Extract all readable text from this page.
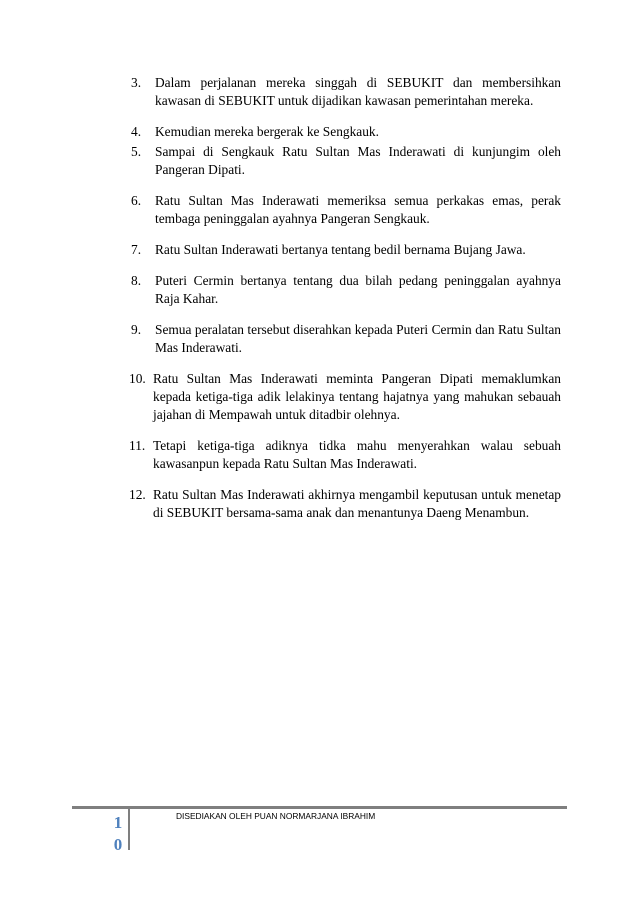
3.	Dalam perjalanan mereka singgah di SEBUKIT dan membersihkan kawasan di SEBUKIT untuk dijadikan kawasan pemerintahan mereka.
4.	Kemudian mereka bergerak ke Sengkauk.
5.	Sampai di Sengkauk Ratu Sultan Mas Inderawati di kunjungim oleh Pangeran Dipati.
6.	Ratu Sultan Mas Inderawati memeriksa semua perkakas emas, perak tembaga peninggalan ayahnya Pangeran Sengkauk.
7.	Ratu Sultan Inderawati bertanya tentang bedil bernama Bujang Jawa.
8.	Puteri Cermin bertanya tentang dua bilah pedang peninggalan ayahnya Raja Kahar.
9.	Semua peralatan tersebut diserahkan kepada Puteri Cermin dan Ratu Sultan Mas Inderawati.
10. Ratu Sultan Mas Inderawati meminta Pangeran Dipati memaklumkan kepada ketiga-tiga adik lelakinya tentang hajatnya yang mahukan sebauah jajahan di Mempawah untuk ditadbir olehnya.
11. Tetapi ketiga-tiga adiknya tidka mahu menyerahkan walau sebuah kawasanpun kepada Ratu Sultan Mas Inderawati.
12. Ratu Sultan Mas Inderawati akhirnya mengambil keputusan untuk menetap di SEBUKIT bersama-sama anak dan menantunya Daeng Menambun.
10
DISEDIAKAN OLEH PUAN NORMARJANA IBRAHIM
